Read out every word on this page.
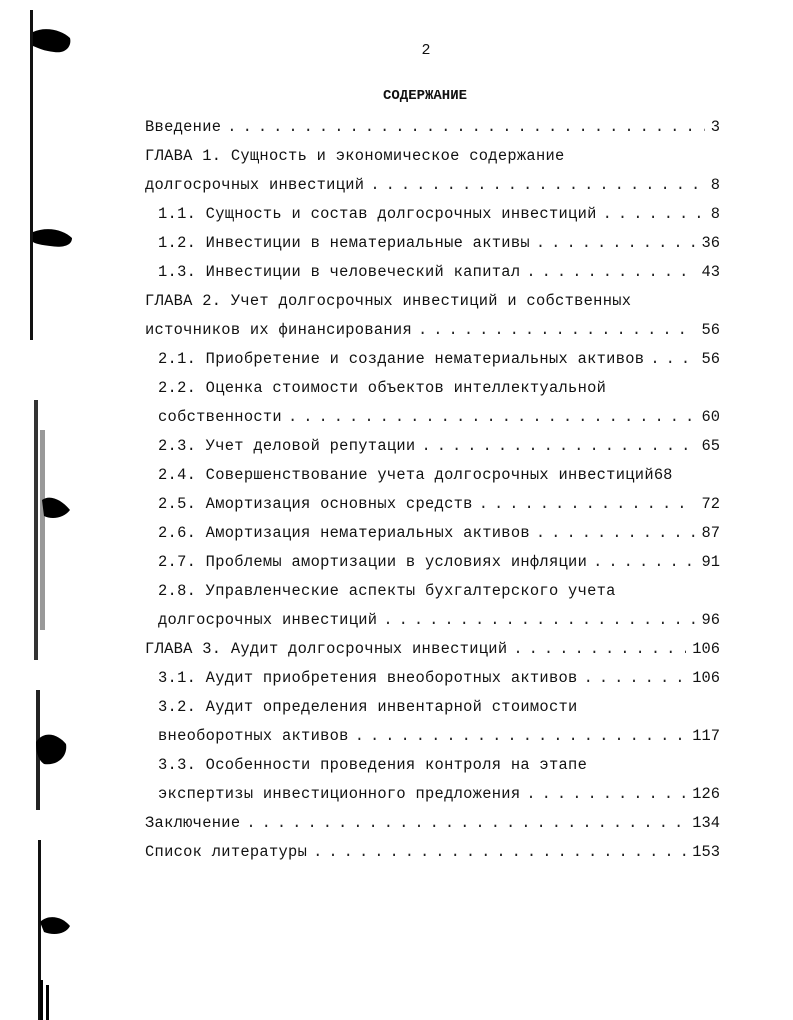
2
СОДЕРЖАНИЕ
Введение . . .	3
ГЛАВА 1. Сущность и экономическое содержание
долгосрочных инвестиций . . .	8
1.1. Сущность и состав долгосрочных инвестиций . . .	8
1.2. Инвестиции в нематериальные активы . . .	36
1.3. Инвестиции в человеческий капитал . . .	43
ГЛАВА 2. Учет долгосрочных инвестиций и собственных
источников их финансирования . . .	56
2.1. Приобретение и создание нематериальных активов . . .	56
2.2. Оценка стоимости объектов интеллектуальной
собственности . . .	60
2.3. Учет деловой репутации . . .	65
2.4. Совершенствование учета долгосрочных инвестиций 68
2.5. Амортизация основных средств . . .	72
2.6. Амортизация нематериальных активов . . .	87
2.7. Проблемы амортизации в условиях инфляции . . .	91
2.8. Управленческие аспекты бухгалтерского учета
долгосрочных инвестиций . . .	96
ГЛАВА 3. Аудит долгосрочных инвестиций . . .	106
3.1. Аудит приобретения внеоборотных активов . . .	106
3.2. Аудит определения инвентарной стоимости
внеоборотных активов . . .	117
3.3. Особенности проведения контроля на этапе
экспертизы инвестиционного предложения . . .	126
Заключение . . .	134
Список литературы . . .	153
